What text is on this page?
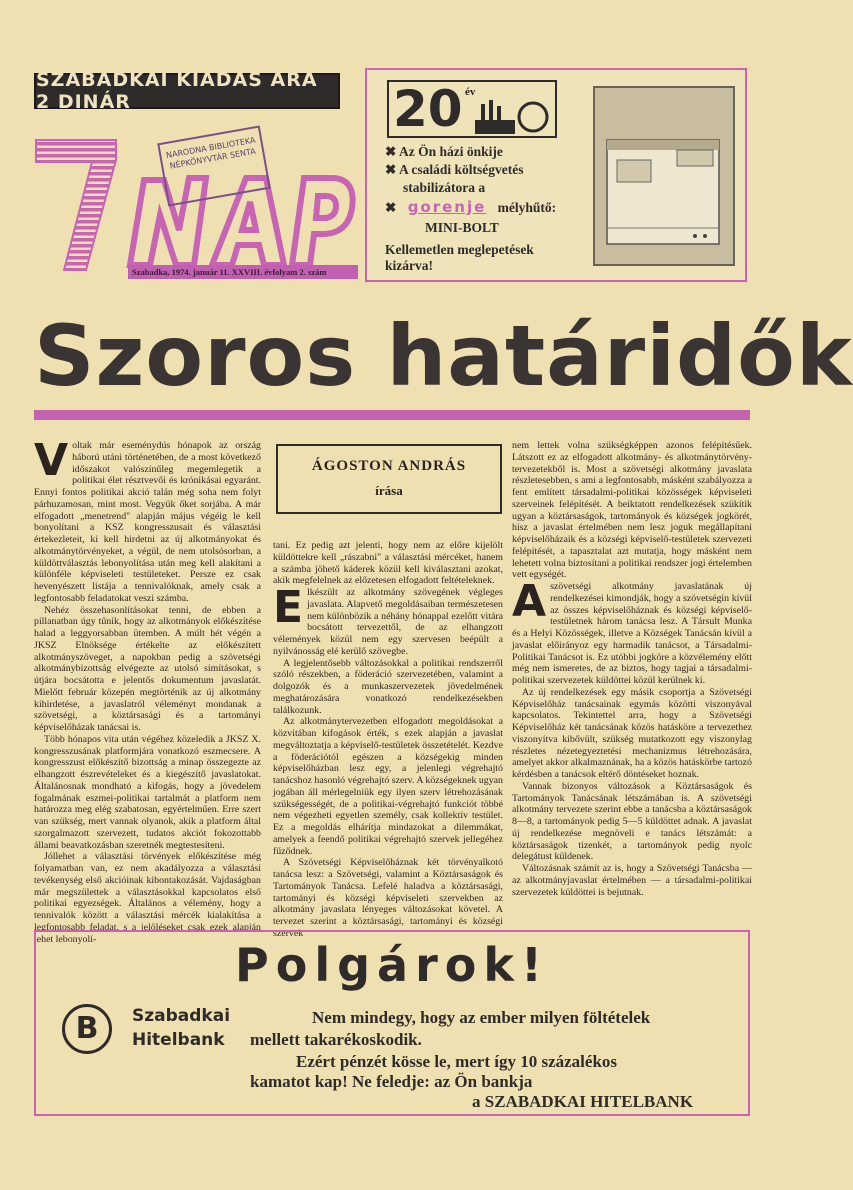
SZABADKAI KIADÁS ÁRA 2 DINÁR
NARODNA BIBLIOTEKA NÉPKÖNYVTÁR SENTA
Szabadka, 1974. január 11. XXVIII. évfolyam 2. szám
20 év
✖ Az Ön házi önkije
✖ A családi költségvetés
stabilizátora a
✖ gorenje mélyhűtő:
MINI-BOLT
Kellemetlen meglepetések
kizárva!
Szoros határidők
ÁGOSTON ANDRÁS
írása

Voltak már eseménydús hónapok az ország háború utáni történetében, de a most következő időszakot valószínűleg megemlegetik a politikai élet résztvevői és krónikásai egyaránt. Ennyi fontos politikai akció talán még soha nem folyt párhuzamosan, mint most. Vegyük őket sorjába. A már elfogadott „menetrend" alapján május végéig le kell bonyolítani a KSZ kongresszusait és választási értekezleteit, ki kell hirdetni az új alkotmányokat és alkotmánytörvényeket, a végül, de nem utolsósorban, a küldöttválasztás lebonyolítása után meg kell alakítani a különféle képviseleti testületeket. Persze ez csak hevenyészett listája a tennivalóknak, amely csak a legfontosabb feladatokat veszi számba.

Nehéz összehasonlításokat tenni, de ebben a pillanatban úgy tűnik, hogy az alkotmányok előkészítése halad a leggyorsabban ütemben. A múlt hét végén a JKSZ Elnöksége értékelte az előkészített alkotmányszöveget, a napokban pedig a szövetségi alkotmánybizottság elvégezte az utolsó simításokat, s útjára bocsátotta e jelentős dokumentum javaslatát. Mielőtt február közepén megtörténik az új alkotmány kihirdetése, a javaslatról véleményt mondanak a szövetségi, a köztársasági és a tartományi képviselőházak tanácsai is.

Több hónapos vita után végéhez közeledik a JKSZ X. kongresszusának platformjára vonatkozó eszmecsere. A kongresszust előkészítő bizottság a minap összegezte az elhangzott észrevételeket és a kiegészítő javaslatokat. Általánosnak mondható a kifogás, hogy a jövedelem fogalmának eszmei-politikai tartalmát a platform nem határozza meg elég szabatosan, egyértelműen. Erre szert van szükség, mert vannak olyanok, akik a platform által szorgalmazott szervezett, tudatos akciót fokozottabb állami beavatkozásban szeretnék megtestesíteni.

Jóllehet a választási törvények előkészítése még folyamatban van, ez nem akadályozza a választási tevékenység első akcióinak kibontakozását. Vajdaságban már megszülettek a választásokkal kapcsolatos első politikai egyezségek. Általános a vélemény, hogy a tennivalók között a választási mércék kialakítása a legfontosabb feladat, s a jelöléseket csak ezek alapján lehet lebonyolí-

tani. Ez pedig azt jelenti, hogy nem az előre kijelölt küldöttekre kell „rászabni" a választási mércéket, hanem a számba jöhető káderek közül kell kiválasztani azokat, akik megfelelnek az előzetesen elfogadott feltételeknek.

Elkészült az alkotmány szövegének végleges javaslata. Alapvető megoldásaiban természetesen nem különbözik a néhány hónappal ezelőtt vitára bocsátott tervezettől, de az elhangzott vélemények közül nem egy szervesen beépült a nyilvánosság elé kerülő szövegbe.

A legjelentősebb változásokkal a politikai rendszerről szóló részekben, a föderáció szervezetében, valamint a dolgozók és a munkaszervezetek jövedelmének meghatározására vonatkozó rendelkezésekben találkozunk.

Az alkotmánytervezetben elfogadott megoldásokat a közvitában kifogások érték, s ezek alapján a javaslat megváltoztatja a képviselő-testületek összetételét. Kezdve a föderációtól egészen a községekig minden képviselőházban lesz egy, a jelenlegi végrehajtó tanácshoz hasonló végrehajtó szerv. A községeknek ugyan jogában áll mérlegelniük egy ilyen szerv létrehozásának szükségességét, de a politikai-végrehajtó funkciót többé nem végezheti egyetlen személy, csak kollektív testület. Ez a megoldás elhárítja mindazokat a dilemmákat, amelyek a feendő politikai végrehajtó szervek jellegéhez fűződnek.

A Szövetségi Képviselőháznak két törvényalkotó tanácsa lesz: a Szövetségi, valamint a Köztársaságok és Tartományok Tanácsa. Lefelé haladva a köztársasági, tartományi és községi képviseleti szervekben az alkotmány javaslata lényeges változásokat követel. A tervezet szerint a köztársasági, tartományi és községi szervek

nem lettek volna szükségképpen azonos felépítésűek. Látszott ez az elfogadott alkotmány- és alkotmánytörvény-tervezetekből is. Most a szövetségi alkotmány javaslata részletesebben, s ami a legfontosabb, másként szabályozza a fent említett társadalmi-politikai közösségek képviseleti szerveinek felépítését. A beiktatott rendelkezések szükítik ugyan a köztársaságok, tartományok és községek jogkörét, hisz a javaslat értelmében nem lesz joguk megállapítani képviselőházaik és a községi képviselő-testületek szervezeti felépítését, a tapasztalat azt mutatja, hogy másként nem lehetett volna biztosítani a politikai rendszer jogi értelemben vett egységét.

Aszövetségi alkotmány javaslatának új rendelkezései kimondják, hogy a szövetségin kívül az összes képviselőháznak és községi képviselő-testületnek három tanácsa lesz. A Társult Munka és a Helyi Közösségek, illetve a Községek Tanácsán kívül a javaslat előirányoz egy harmadik tanácsot, a Társadalmi-Politikai Tanácsot is. Ez utóbbi jogköre a közvélemény előtt még nem ismeretes, de az biztos, hogy tagjai a társadalmi-politikai szervezetek küldöttei közül kerülnek ki.

Az új rendelkezések egy másik csoportja a Szövetségi Képviselőház tanácsainak egymás közötti viszonyával kapcsolatos. Tekintettel arra, hogy a Szövetségi Képviselőház két tanácsának közös hatásköre a tervezethez viszonyítva kibővült, szükség mutatkozott egy viszonylag részletes nézetegyeztetési mechanizmus létrehozására, amelyet akkor alkalmaznának, ha a közös hatáskörbe tartozó kérdésben a tanácsok eltérő döntéseket hoznak.

Vannak bizonyos változások a Köztársaságok és Tartományok Tanácsának létszámában is. A szövetségi alkotmány tervezete szerint ebbe a tanácsba a köztársaságok 8—8, a tartományok pedig 5—5 küldöttet adnak. A javaslat új rendelkezése megnöveli e tanács létszámát: a köztársaságok tizenkét, a tartományok pedig nyolc delegátust küldenek.

Változásnak számít az is, hogy a Szövetségi Tanácsba — az alkotmányjavaslat értelmében — a társadalmi-politikai szervezetek küldöttei is bejutnak.

Polgárok!
B	Szabadkai
Hitelbank
Nem mindegy, hogy az ember milyen föltételek
mellett takarékoskodik.
Ezért pénzét kösse le, mert így 10 százalékos
kamatot kap! Ne feledje: az Ön bankja
a SZABADKAI HITELBANK
